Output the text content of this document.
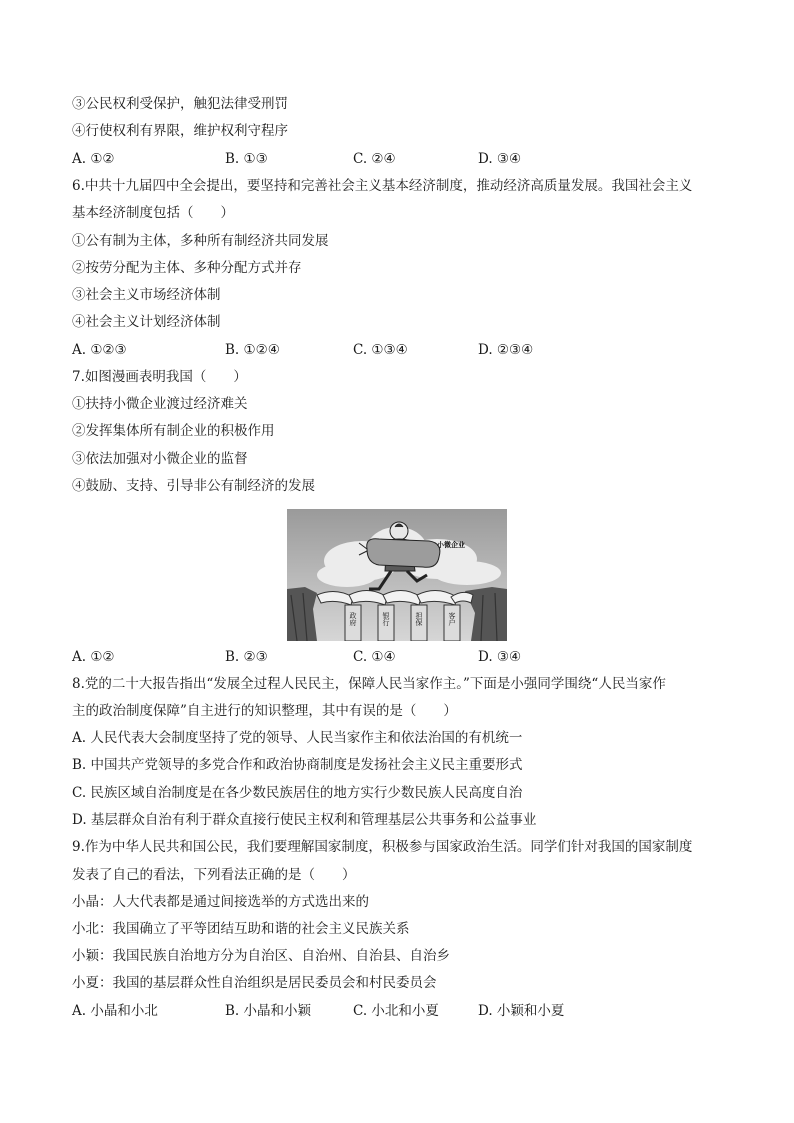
③公民权利受保护，触犯法律受刑罚
④行使权利有界限，维护权利守程序
A. ①②	B. ①③	C. ②④	D. ③④
6.中共十九届四中全会提出，要坚持和完善社会主义基本经济制度，推动经济高质量发展。我国社会主义
基本经济制度包括（　　）
①公有制为主体，多种所有制经济共同发展
②按劳分配为主体、多种分配方式并存
③社会主义市场经济体制
④社会主义计划经济体制
A. ①②③	B. ①②④	C. ①③④	D. ②③④
7.如图漫画表明我国（　　）
①扶持小微企业渡过经济难关
②发挥集体所有制企业的积极作用
③依法加强对小微企业的监督
④鼓励、支持、引导非公有制经济的发展
政府	银行	担保	客户
小微企业
A. ①②	B. ②③	C. ①④	D. ③④
8.党的二十大报告指出“发展全过程人民民主，保障人民当家作主。”下面是小强同学围绕“人民当家作
主的政治制度保障”自主进行的知识整理，其中有误的是（　　）
A. 人民代表大会制度坚持了党的领导、人民当家作主和依法治国的有机统一
B. 中国共产党领导的多党合作和政治协商制度是发扬社会主义民主重要形式
C. 民族区域自治制度是在各少数民族居住的地方实行少数民族人民高度自治
D. 基层群众自治有利于群众直接行使民主权利和管理基层公共事务和公益事业
9.作为中华人民共和国公民，我们要理解国家制度，积极参与国家政治生活。同学们针对我国的国家制度
发表了自己的看法，下列看法正确的是（　　）
小晶：人大代表都是通过间接选举的方式选出来的
小北：我国确立了平等团结互助和谐的社会主义民族关系
小颖：我国民族自治地方分为自治区、自治州、自治县、自治乡
小夏：我国的基层群众性自治组织是居民委员会和村民委员会
A. 小晶和小北	B. 小晶和小颖	C. 小北和小夏	D. 小颖和小夏
